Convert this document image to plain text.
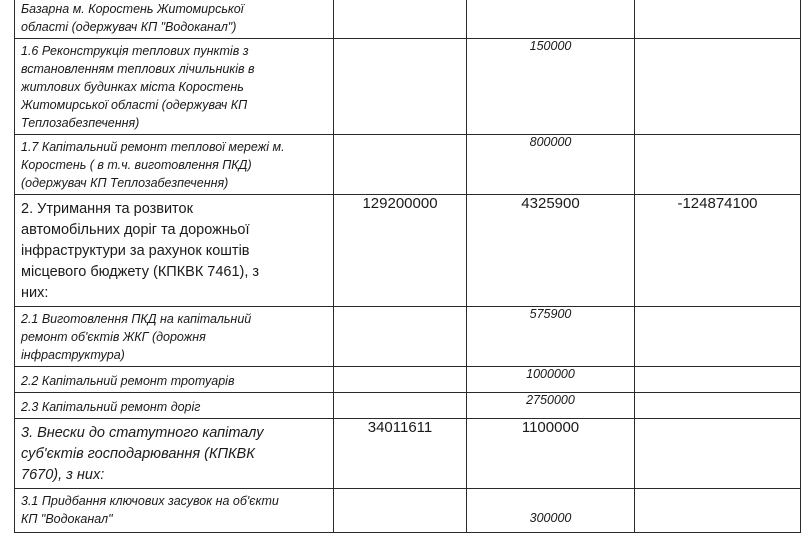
Базарна м. Коростень Житомирської
області (одержувач КП "Водоканал")

1.6 Реконструкція теплових пунктів з
встановленням теплових лічильників в
житлових будинках міста Коростень
Житомирської області (одержувач КП
Теплозабезпечення)		150000	

1.7 Капітальний ремонт теплової мережі м.
Коростень ( в т.ч. виготовлення ПКД)
(одержувач КП Теплозабезпечення)		800000	

2. Утримання та розвиток
автомобільних доріг та дорожньої
інфраструктури за рахунок коштів
місцевого бюджету (КПКВК 7461), з
них:	129200000	4325900	-124874100

2.1 Виготовлення ПКД на капітальний
ремонт об'єктів ЖКГ (дорожня
інфраструктура)		575900	

2.2 Капітальний ремонт тротуарів		1000000	

2.3 Капітальний ремонт доріг		2750000	

3. Внески до статутного капіталу
суб'єктів господарювання (КПКВК
7670), з них:	34011611	1100000	

3.1 Придбання ключових засувок на об'єкти
КП "Водоканал"		300000	
